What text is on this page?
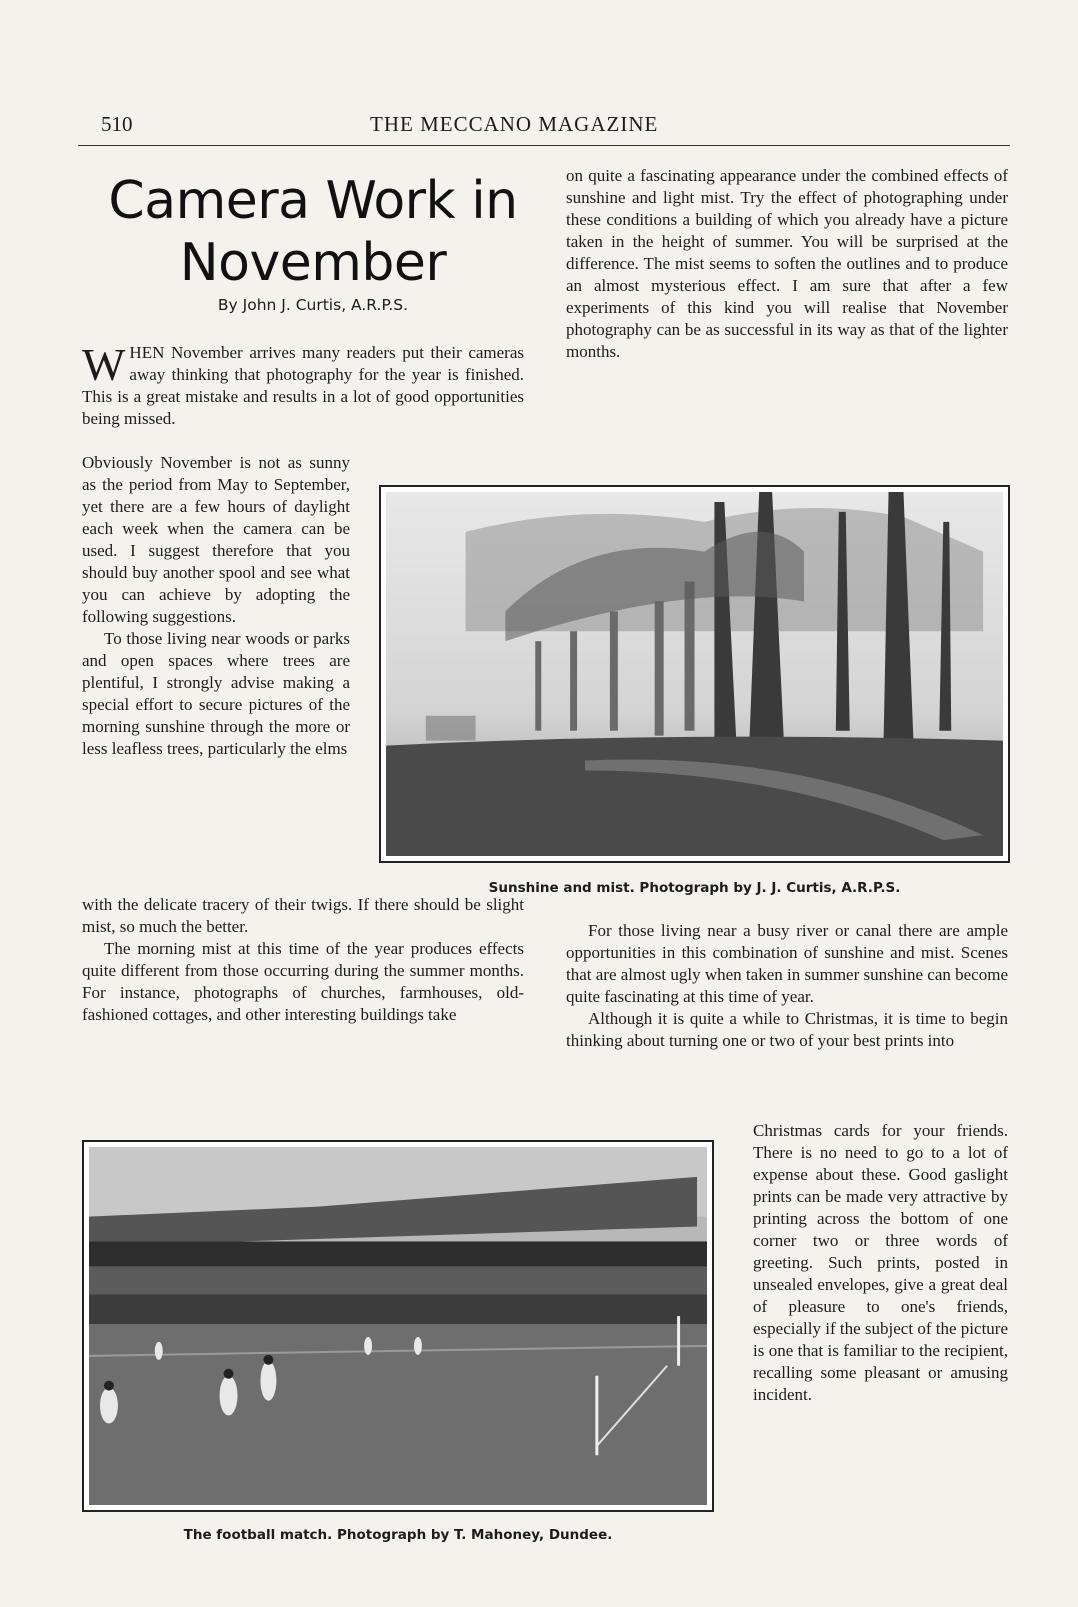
510	THE MECCANO MAGAZINE
Camera Work in
November
By John J. Curtis, A.R.P.S.

WHEN November arrives many readers put their cameras away thinking that photography for the year is finished. This is a great mistake and results in a lot of good opportunities being missed.

Obviously November is not as sunny as the period from May to September, yet there are a few hours of daylight each week when the camera can be used. I suggest therefore that you should buy another spool and see what you can achieve by adopting the following suggestions.

To those living near woods or parks and open spaces where trees are plentiful, I strongly advise making a special effort to secure pictures of the morning sunshine through the more or less leafless trees, particularly the elms

with the delicate tracery of their twigs. If there should be slight mist, so much the better.

The morning mist at this time of the year produces effects quite different from those occurring during the summer months. For instance, photographs of churches, farmhouses, old-fashioned cottages, and other interesting buildings take

on quite a fascinating appearance under the combined effects of sunshine and light mist. Try the effect of photographing under these conditions a building of which you already have a picture taken in the height of summer. You will be surprised at the difference. The mist seems to soften the outlines and to produce an almost mysterious effect. I am sure that after a few experiments of this kind you will realise that November photography can be as successful in its way as that of the lighter months.

For those living near a busy river or canal there are ample opportunities in this combination of sunshine and mist. Scenes that are almost ugly when taken in summer sunshine can become quite fascinating at this time of year.

Although it is quite a while to Christmas, it is time to begin thinking about turning one or two of your best prints into

Christmas cards for your friends. There is no need to go to a lot of expense about these. Good gaslight prints can be made very attractive by printing across the bottom of one corner two or three words of greeting. Such prints, posted in unsealed envelopes, give a great deal of pleasure to one's friends, especially if the subject of the picture is one that is familiar to the recipient, recalling some pleasant or amusing incident.

Sunshine and mist. Photograph by J. J. Curtis, A.R.P.S.
The football match. Photograph by T. Mahoney, Dundee.
